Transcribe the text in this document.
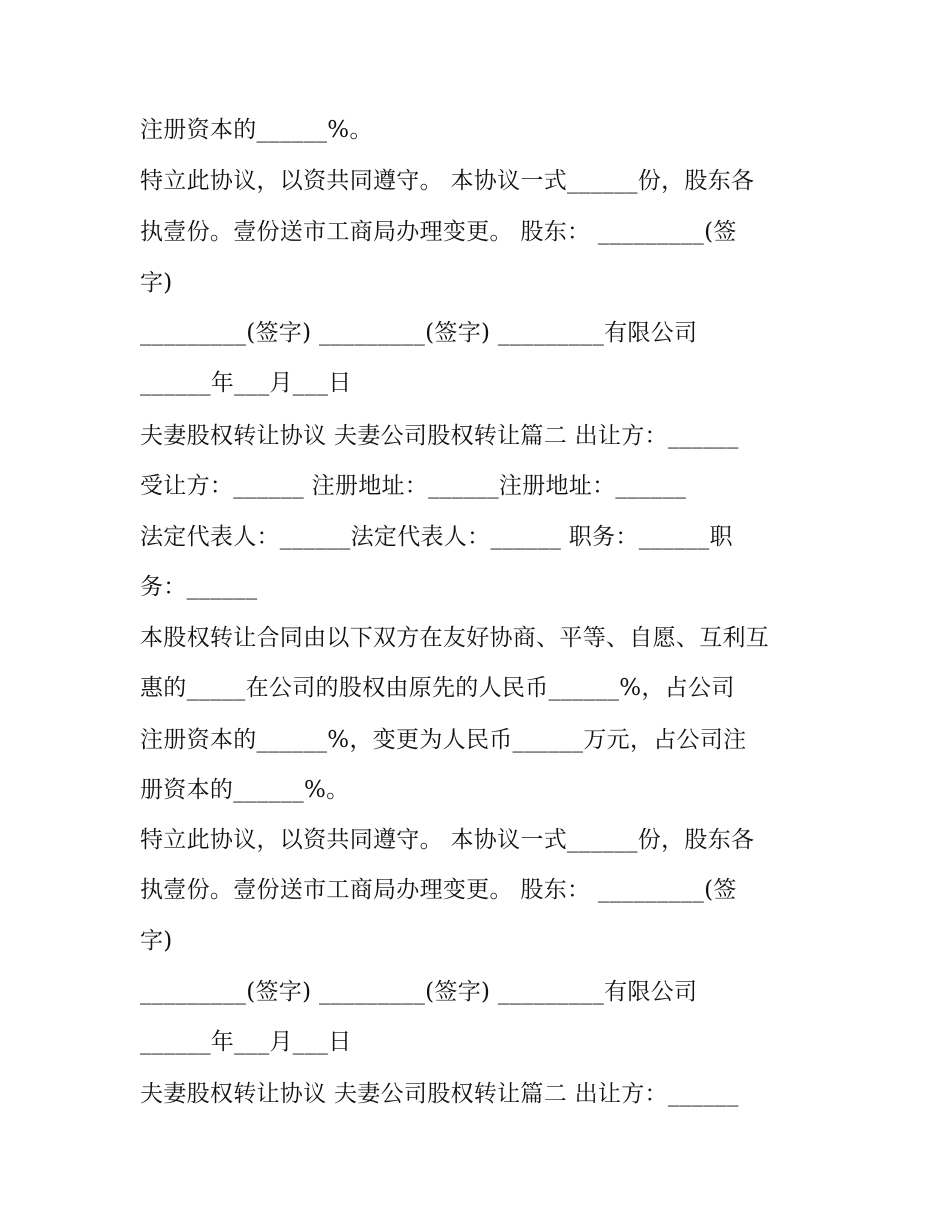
注册资本的______%。
特立此协议，以资共同遵守。 本协议一式______份，股东各
执壹份。壹份送市工商局办理变更。 股东： _________(签
字)
_________(签字) _________(签字) _________有限公司
______年___月___日
夫妻股权转让协议 夫妻公司股权转让篇二 出让方：______
受让方：______ 注册地址：______注册地址：______
法定代表人：______法定代表人：______ 职务：______职
务：______
本股权转让合同由以下双方在友好协商、平等、自愿、互利互
惠的_____在公司的股权由原先的人民币______%，占公司
注册资本的______%，变更为人民币______万元，占公司注
册资本的______%。
特立此协议，以资共同遵守。 本协议一式______份，股东各
执壹份。壹份送市工商局办理变更。 股东： _________(签
字)
_________(签字) _________(签字) _________有限公司
______年___月___日
夫妻股权转让协议 夫妻公司股权转让篇二 出让方：______
